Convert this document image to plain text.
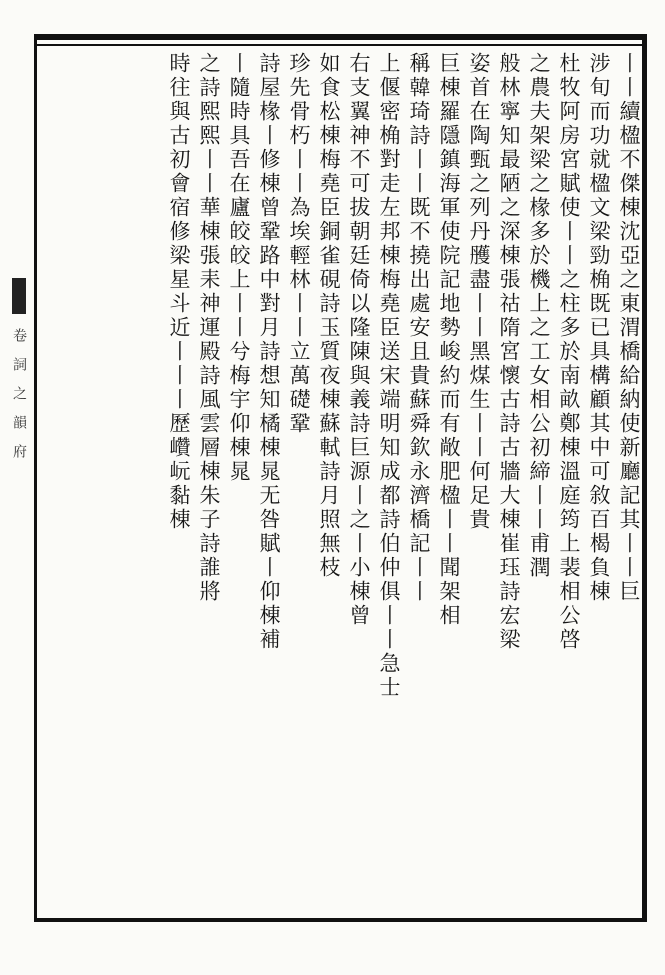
卷
詞
之
韻
府	丨丨續楹不傑棟沈亞之東渭橋給納使新廳記其丨丨巨
涉旬而功就楹文梁勁桷既已具構顧其中可敘百楬負棟
杜牧阿房宮賦使丨丨之柱多於南畝鄭棟溫庭筠上裴相公啓
之農夫架梁之椽多於機上之工女相公初締丨丨甫潤
般林寧知最陋之深棟張祜隋宮懷古詩古牆大棟崔珏詩宏梁
姿首在陶甄之列丹雘盡丨丨黑煤生丨丨何足貴
巨棟羅隱鎮海軍使院記地勢峻約而有敞肥楹丨丨聞架相
稱韓琦詩丨丨既不撓出處安且貴蘇舜欽永濟橋記丨丨
上偃密桷對走左邦棟梅堯臣送宋端明知成都詩伯仲俱丨丨急士
右支翼神不可拔朝廷倚以隆陳與義詩巨源丨之丨小棟曾
如食松棟梅堯臣銅雀硯詩玉質夜棟蘇軾詩月照無枝
珍先骨朽丨丨為埃輕林丨丨立萬礎鞏
詩屋椽丨修棟曾鞏路中對月詩想知橘棟晁无咎賦丨仰棟補
丨隨時具吾在廬皎皎上丨丨兮梅宇仰棟晁
之詩熙熙丨丨華棟張耒神運殿詩風雲層棟朱子詩誰將
時往與古初會宿修梁星斗近丨丨丨歷巑岏黏棟
